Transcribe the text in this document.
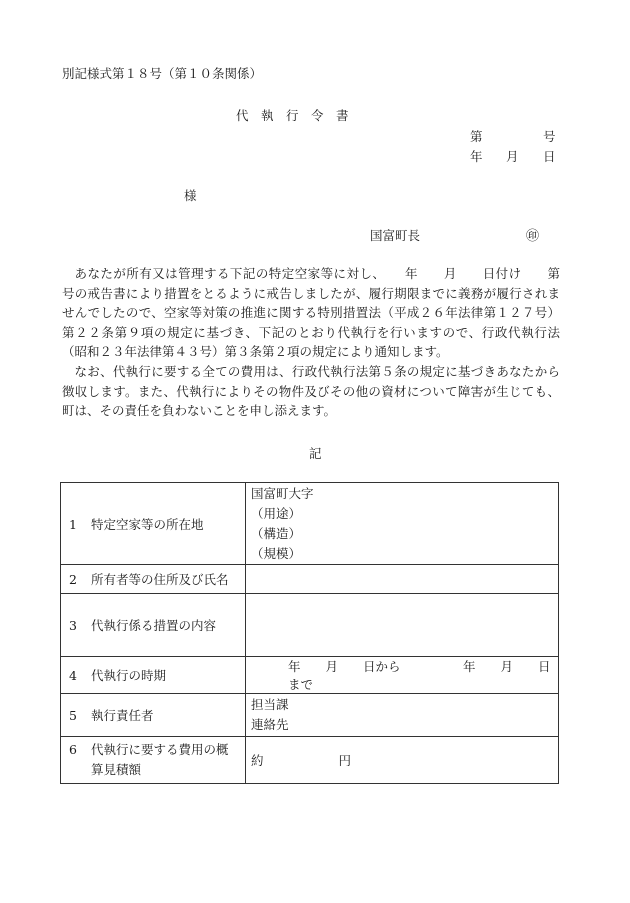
別記様式第１８号（第１０条関係）
代　執　行　令　書
第	号
年 月 日
様
国富町長	㊞
あなたが所有又は管理する下記の特定空家等に対し、　　年　　月　　日付け　　第　　号の戒告書により措置をとるように戒告しましたが、履行期限までに義務が履行されませんでしたので、空家等対策の推進に関する特別措置法（平成２６年法律第１２７号）第２２条第９項の規定に基づき、下記のとおり代執行を行いますので、行政代執行法（昭和２３年法律第４３号）第３条第２項の規定により通知します。
なお、代執行に要する全ての費用は、行政代執行法第５条の規定に基づきあなたから徴収します。また、代執行によりその物件及びその他の資材について障害が生じても、町は、その責任を負わないことを申し添えます。
記
1 特定空家等の所在地	国富町大字
（用途）
（構造）
（規模）

2 所有者等の住所及び氏名	
3 代執行係る措置の内容	
4 代執行の時期	年　　月　　日から　　　　　年　　月　　日まで
5 執行責任者	担当課
連絡先

6 代執行に要する費用の概
算見積額	約　　　　　　円
